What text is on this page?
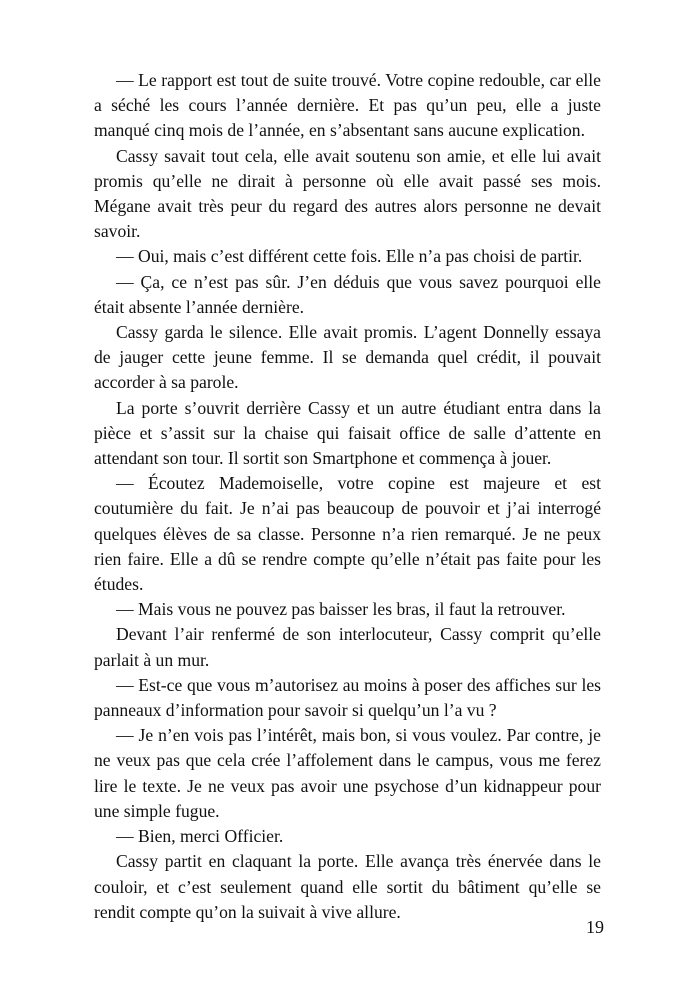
— Le rapport est tout de suite trouvé. Votre copine redouble, car elle a séché les cours l’année dernière. Et pas qu’un peu, elle a juste manqué cinq mois de l’année, en s’absentant sans aucune explication.

Cassy savait tout cela, elle avait soutenu son amie, et elle lui avait promis qu’elle ne dirait à personne où elle avait passé ses mois. Mégane avait très peur du regard des autres alors personne ne devait savoir.

— Oui, mais c’est différent cette fois. Elle n’a pas choisi de partir.

— Ça, ce n’est pas sûr. J’en déduis que vous savez pourquoi elle était absente l’année dernière.

Cassy garda le silence. Elle avait promis. L’agent Donnelly essaya de jauger cette jeune femme. Il se demanda quel crédit, il pouvait accorder à sa parole.

La porte s’ouvrit derrière Cassy et un autre étudiant entra dans la pièce et s’assit sur la chaise qui faisait office de salle d’attente en attendant son tour. Il sortit son Smartphone et commença à jouer.

— Écoutez Mademoiselle, votre copine est majeure et est coutumière du fait. Je n’ai pas beaucoup de pouvoir et j’ai interrogé quelques élèves de sa classe. Personne n’a rien remarqué. Je ne peux rien faire. Elle a dû se rendre compte qu’elle n’était pas faite pour les études.

— Mais vous ne pouvez pas baisser les bras, il faut la retrouver.

Devant l’air renfermé de son interlocuteur, Cassy comprit qu’elle parlait à un mur.

— Est-ce que vous m’autorisez au moins à poser des affiches sur les panneaux d’information pour savoir si quelqu’un l’a vu ?

— Je n’en vois pas l’intérêt, mais bon, si vous voulez. Par contre, je ne veux pas que cela crée l’affolement dans le campus, vous me ferez lire le texte. Je ne veux pas avoir une psychose d’un kidnappeur pour une simple fugue.

— Bien, merci Officier.

Cassy partit en claquant la porte. Elle avança très énervée dans le couloir, et c’est seulement quand elle sortit du bâtiment qu’elle se rendit compte qu’on la suivait à vive allure.

19
